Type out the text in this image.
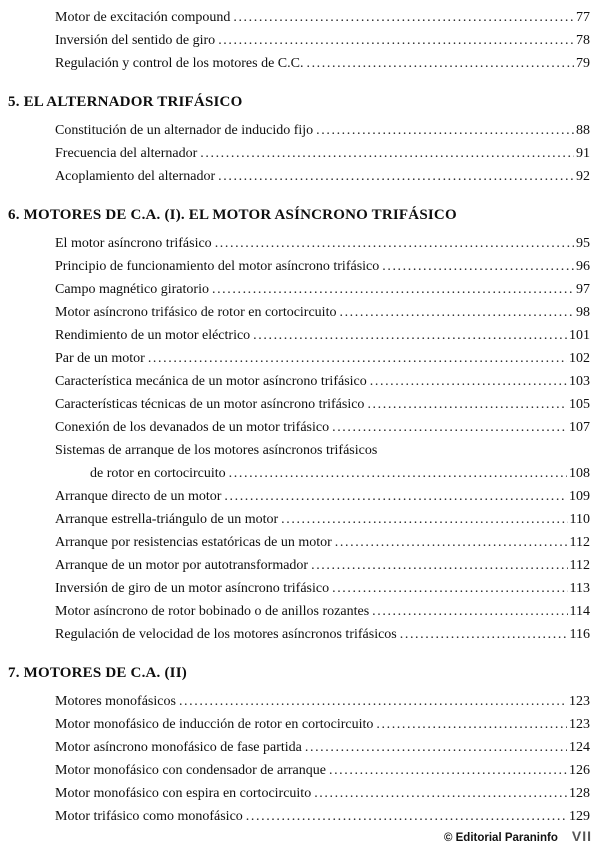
Motor de excitación compound .....	77
Inversión del sentido de giro .....	78
Regulación y control de los motores de C.C. .....	79
5. EL ALTERNADOR TRIFÁSICO
Constitución de un alternador de inducido fijo .....	88
Frecuencia del alternador .....	91
Acoplamiento del alternador .....	92
6. MOTORES DE C.A. (I). EL MOTOR ASÍNCRONO TRIFÁSICO
El motor asíncrono trifásico .....	95
Principio de funcionamiento del motor asíncrono trifásico .....	96
Campo magnético giratorio .....	97
Motor asíncrono trifásico de rotor en cortocircuito .....	98
Rendimiento de un motor eléctrico .....	101
Par de un motor .....	102
Característica mecánica de un motor asíncrono trifásico .....	103
Características técnicas de un motor asíncrono trifásico .....	105
Conexión de los devanados de un motor trifásico .....	107
Sistemas de arranque de los motores asíncronos trifásicos
de rotor en cortocircuito .....	108
Arranque directo de un motor .....	109
Arranque estrella-triángulo de un motor .....	110
Arranque por resistencias estatóricas de un motor .....	112
Arranque de un motor por autotransformador .....	112
Inversión de giro de un motor asíncrono trifásico .....	113
Motor asíncrono de rotor bobinado o de anillos rozantes .....	114
Regulación de velocidad de los motores asíncronos trifásicos .....	116
7. MOTORES DE C.A. (II)
Motores monofásicos .....	123
Motor monofásico de inducción de rotor en cortocircuito .....	123
Motor asíncrono monofásico de fase partida .....	124
Motor monofásico con condensador de arranque .....	126
Motor monofásico con espira en cortocircuito .....	128
Motor trifásico como monofásico .....	129
© Editorial Paraninfo VII
